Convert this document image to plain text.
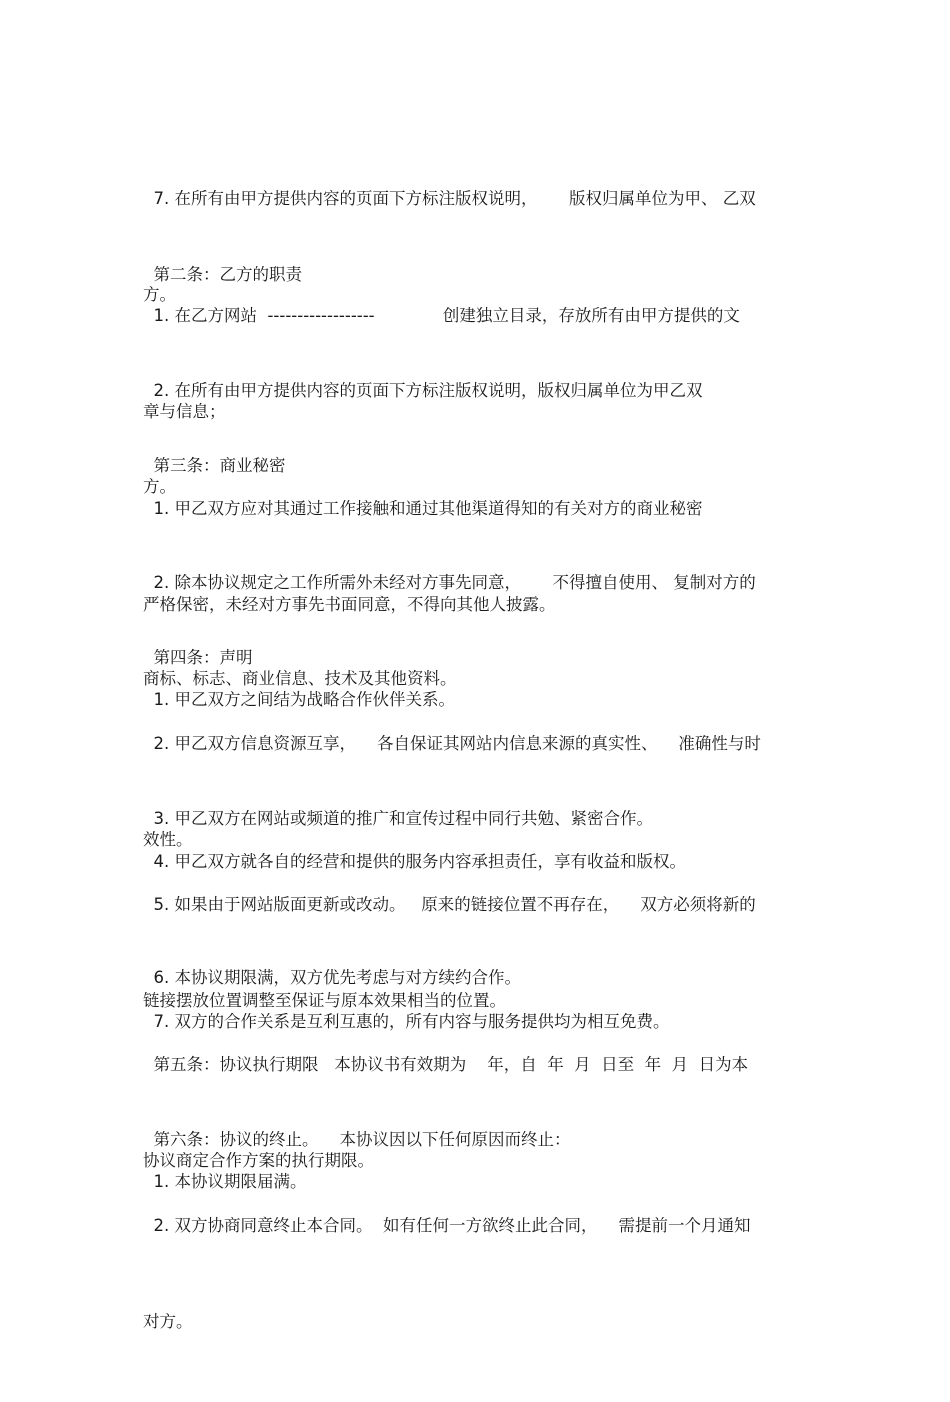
7. 在所有由甲方提供内容的页面下方标注版权说明，      版权归属单位为甲、 乙双

方。

第二条：乙方的职责

1. 在乙方网站  ------------------             创建独立目录，存放所有由甲方提供的文

章与信息；

2. 在所有由甲方提供内容的页面下方标注版权说明，版权归属单位为甲乙双

方。

第三条：商业秘密

1. 甲乙双方应对其通过工作接触和通过其他渠道得知的有关对方的商业秘密

严格保密，未经对方事先书面同意，不得向其他人披露。

2. 除本协议规定之工作所需外未经对方事先同意，      不得擅自使用、 复制对方的

商标、标志、商业信息、技术及其他资料。

第四条：声明

1. 甲乙双方之间结为战略合作伙伴关系。

2. 甲乙双方信息资源互享，    各自保证其网站内信息来源的真实性、    准确性与时

效性。

3. 甲乙双方在网站或频道的推广和宣传过程中同行共勉、紧密合作。

4. 甲乙双方就各自的经营和提供的服务内容承担责任，享有收益和版权。

5. 如果由于网站版面更新或改动。   原来的链接位置不再存在，    双方必须将新的

链接摆放位置调整至保证与原本效果相当的位置。

6. 本协议期限满，双方优先考虑与对方续约合作。

7. 双方的合作关系是互利互惠的，所有内容与服务提供均为相互免费。

第五条：协议执行期限   本协议书有效期为    年，自  年  月  日至  年  月  日为本

协议商定合作方案的执行期限。

第六条：协议的终止。    本协议因以下任何原因而终止：

1. 本协议期限届满。

2. 双方协商同意终止本合同。  如有任何一方欲终止此合同，    需提前一个月通知

对方。
